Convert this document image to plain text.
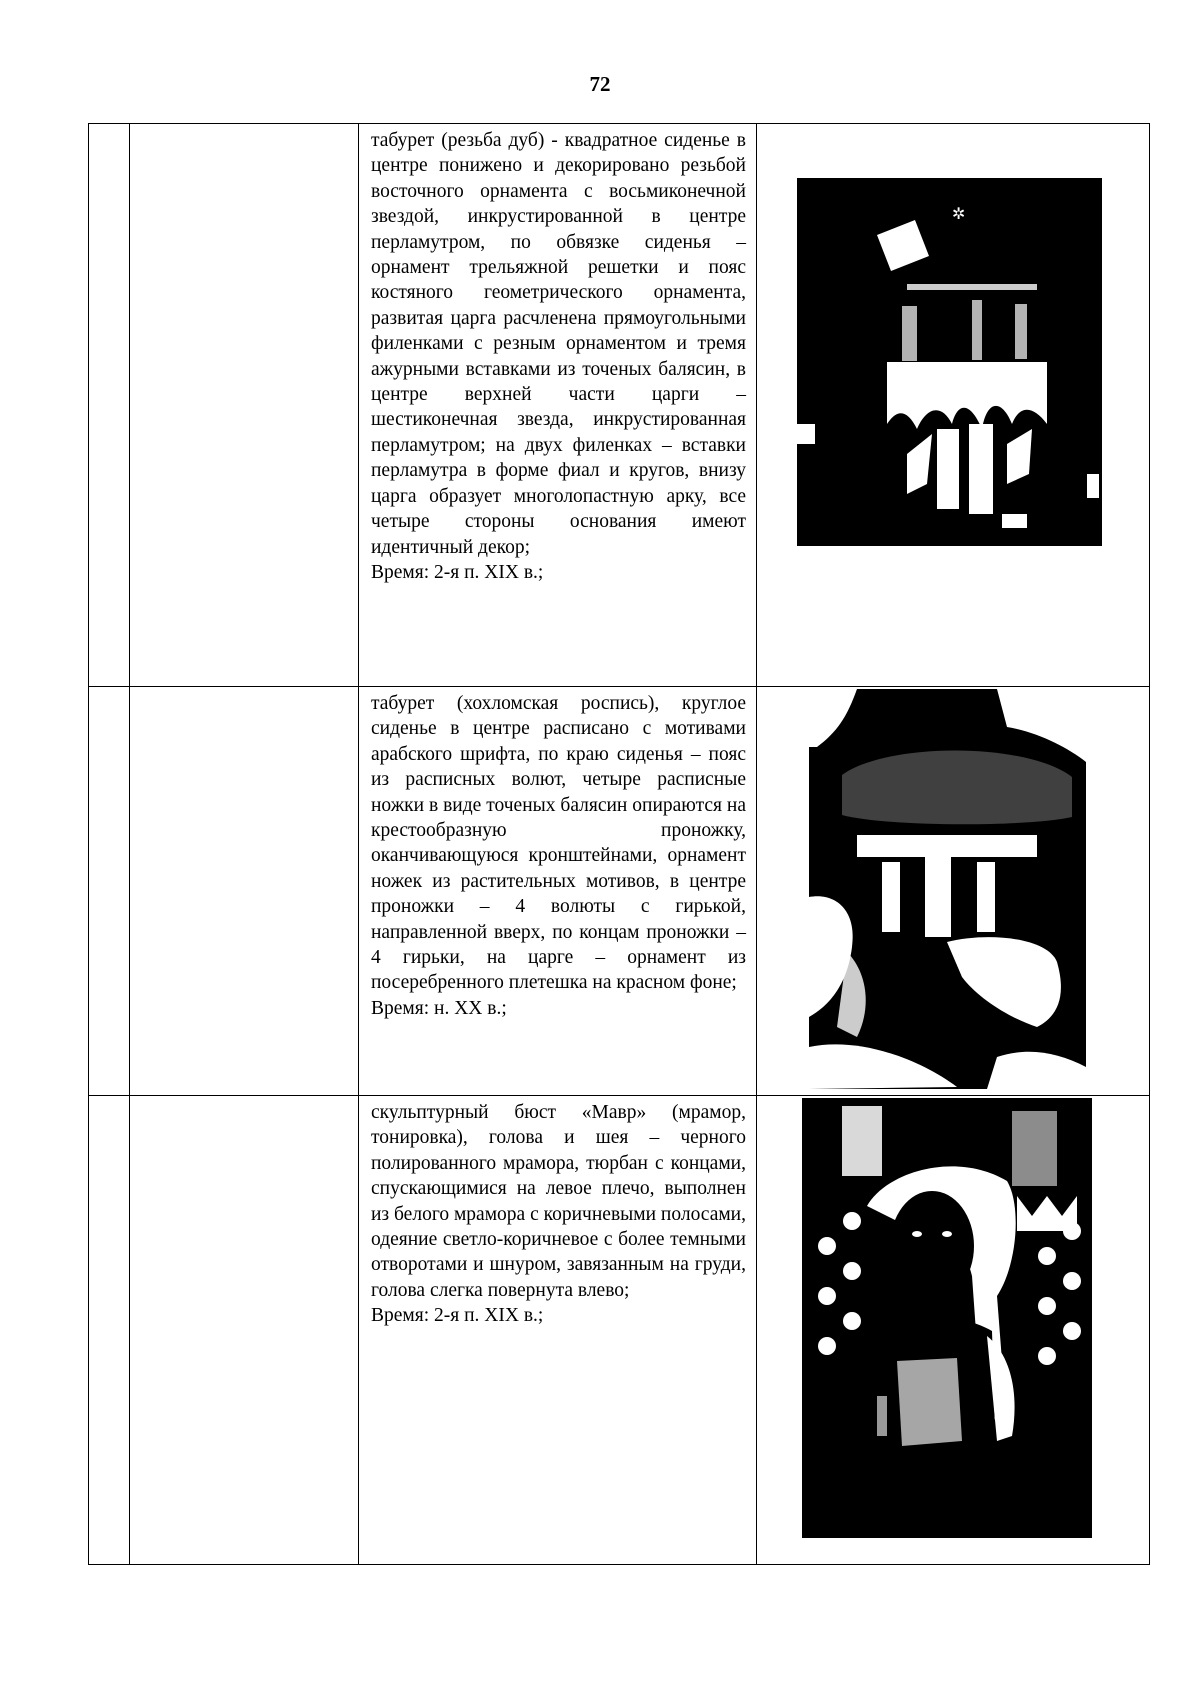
72

		табурет (резьба дуб) - квадратное сиденье в центре понижено и декорировано резьбой восточного орнамента с восьмиконечной звездой, инкрустированной в центре перламутром, по обвязке сиденья – орнамент трельяжной решетки и пояс костяного геометрического орнамента, развитая царга расчленена прямоугольными филенками с резным орнаментом и тремя ажурными вставками из точеных балясин, в центре верхней части царги – шестиконечная звезда, инкрустированная перламутром; на двух филенках – вставки перламутра в форме фиал и кругов, внизу царга образует многолопастную арку, все четыре стороны основания имеют идентичный декор;

Время: 2-я п. XIX в.;	✲

		табурет (хохломская роспись), круглое сиденье в центре расписано с мотивами арабского шрифта, по краю сиденья – пояс из расписных волют, четыре расписные ножки в виде точеных балясин опираются на крестообразную проножку, оканчивающуюся кронштейнами, орнамент ножек из растительных мотивов, в центре проножки – 4 волюты с гирькой, направленной вверх, по концам проножки – 4 гирьки, на царге – орнамент из посеребренного плетешка на красном фоне;

Время: н. XX в.;

		скульптурный бюст «Мавр» (мрамор, тонировка), голова и шея – черного полированного мрамора, тюрбан с концами, спускающимися на левое плечо, выполнен из белого мрамора с коричневыми полосами, одеяние светло-коричневое с более темными отворотами и шнуром, завязанным на груди, голова слегка повернута влево;

Время: 2-я п. XIX в.;
